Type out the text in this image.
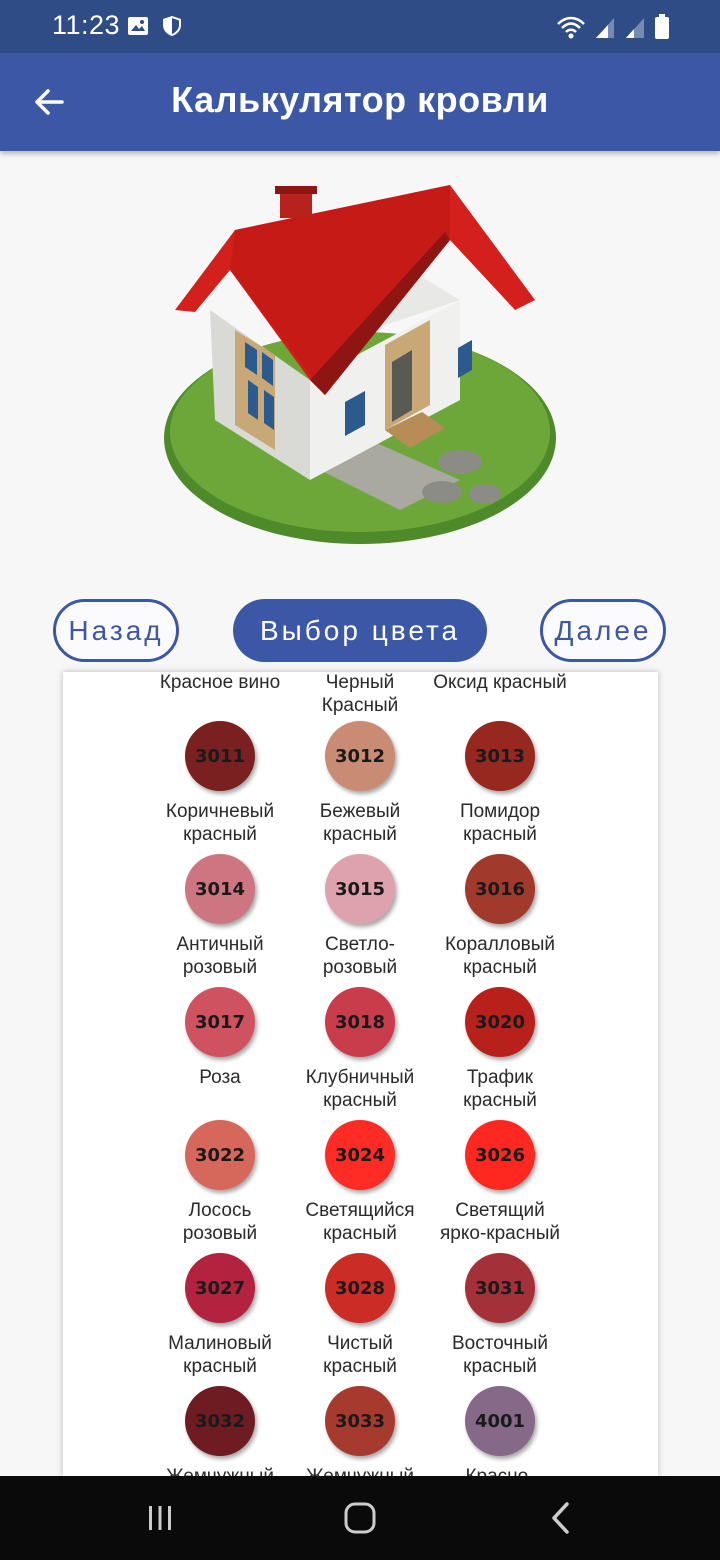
11:23
Калькулятор кровли
Назад	Выбор цвета	Далее
Красное вино	Черный
Красный
Оксид красный
3011
Коричневый
красный
3012
Бежевый
красный
3013
Помидор
красный
3014
Античный
розовый
3015
Светло-
розовый
3016
Коралловый
красный
3017
Роза
3018
Клубничный
красный
3020
Трафик
красный
3022
Лосось
розовый
3024
Светящийся
красный
3026
Светящий
ярко-красный
3027
Малиновый
красный
3028
Чистый
красный
3031
Восточный
красный
3032	3033	4001
